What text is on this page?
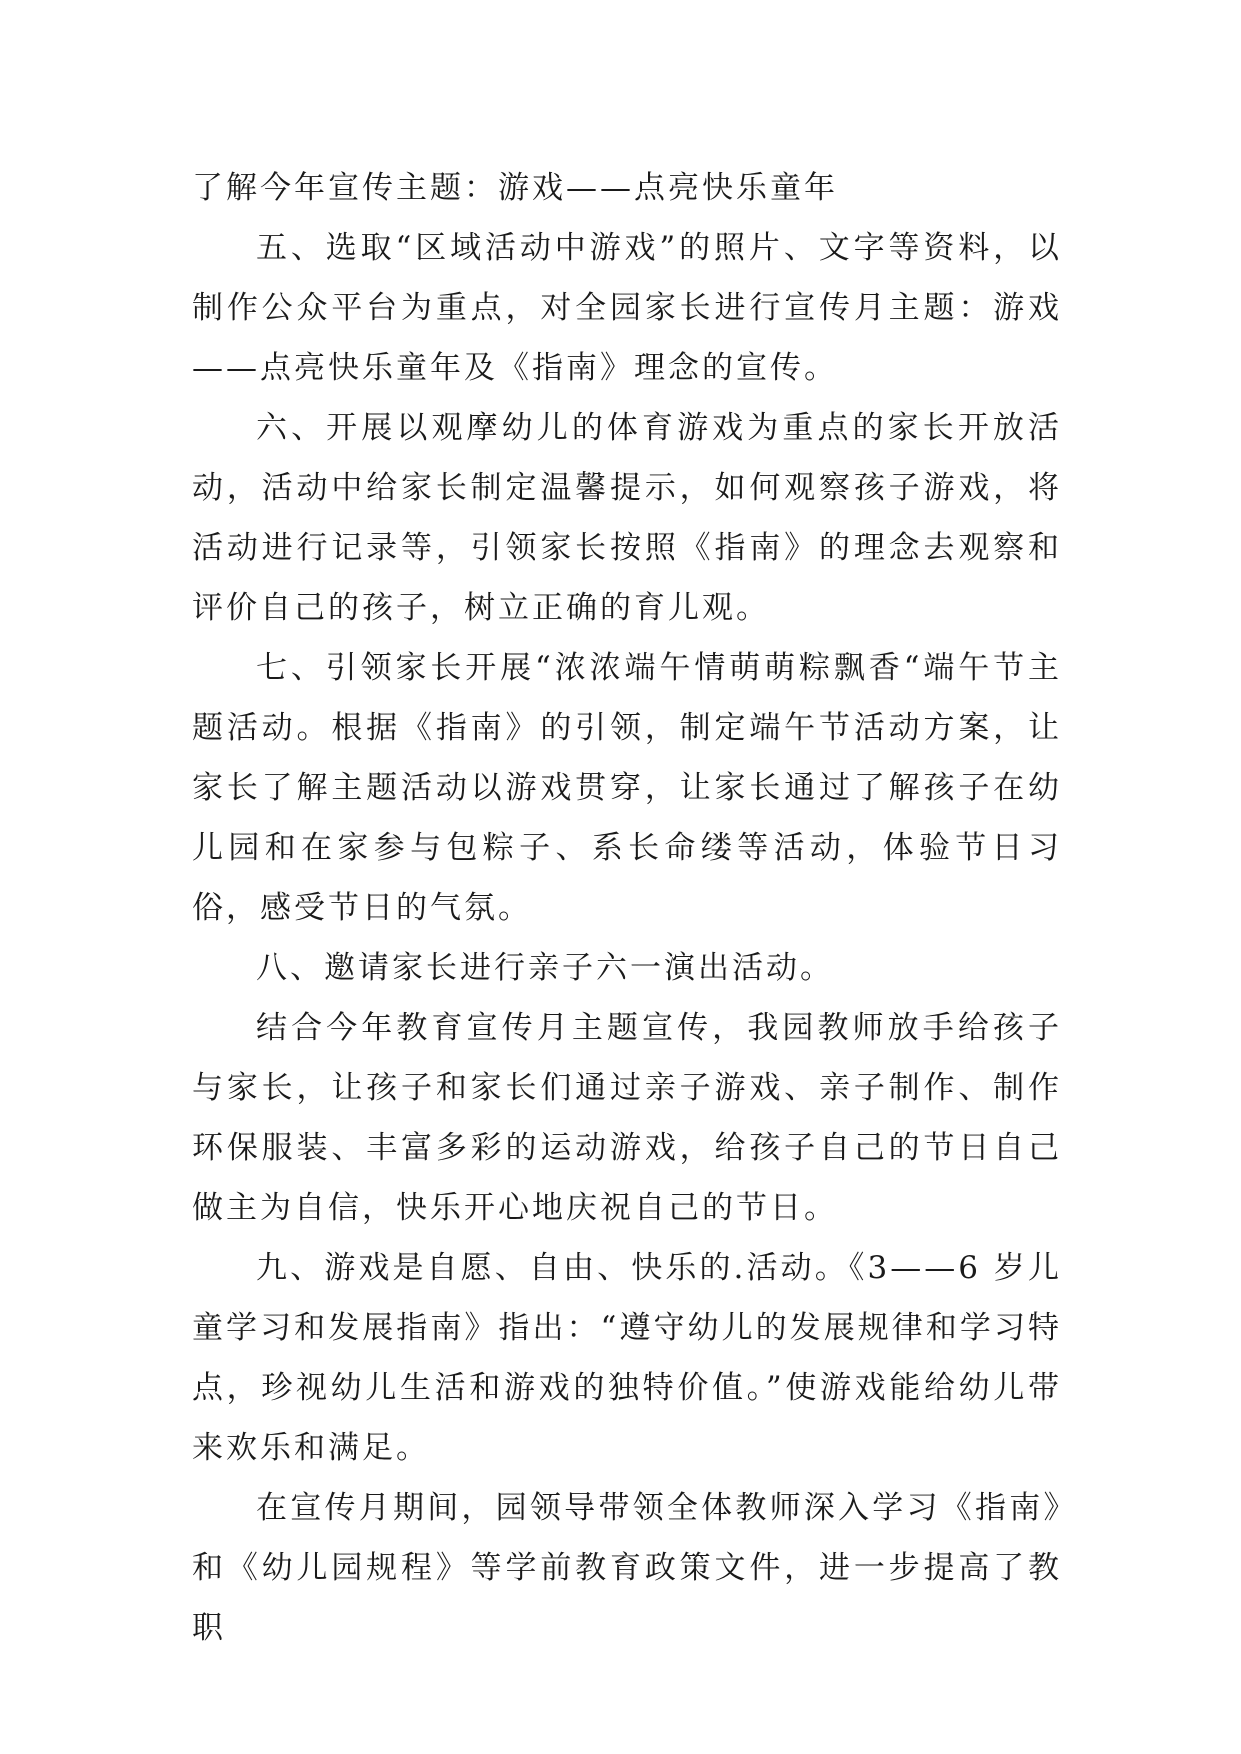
了解今年宣传主题：游戏——点亮快乐童年

五、选取“区域活动中游戏”的照片、文字等资料，以制作公众平台为重点，对全园家长进行宣传月主题：游戏——点亮快乐童年及《指南》理念的宣传。

六、开展以观摩幼儿的体育游戏为重点的家长开放活动，活动中给家长制定温馨提示，如何观察孩子游戏，将活动进行记录等，引领家长按照《指南》的理念去观察和评价自己的孩子，树立正确的育儿观。

七、引领家长开展“浓浓端午情萌萌粽飘香“端午节主题活动。根据《指南》的引领，制定端午节活动方案，让家长了解主题活动以游戏贯穿，让家长通过了解孩子在幼儿园和在家参与包粽子、系长命缕等活动，体验节日习俗，感受节日的气氛。

八、邀请家长进行亲子六一演出活动。

结合今年教育宣传月主题宣传，我园教师放手给孩子与家长，让孩子和家长们通过亲子游戏、亲子制作、制作环保服装、丰富多彩的运动游戏，给孩子自己的节日自己做主为自信，快乐开心地庆祝自己的节日。

九、游戏是自愿、自由、快乐的.活动。《3——6 岁儿童学习和发展指南》指出：“遵守幼儿的发展规律和学习特点，珍视幼儿生活和游戏的独特价值。”使游戏能给幼儿带来欢乐和满足。

在宣传月期间，园领导带领全体教师深入学习《指南》和《幼儿园规程》等学前教育政策文件，进一步提高了教职
